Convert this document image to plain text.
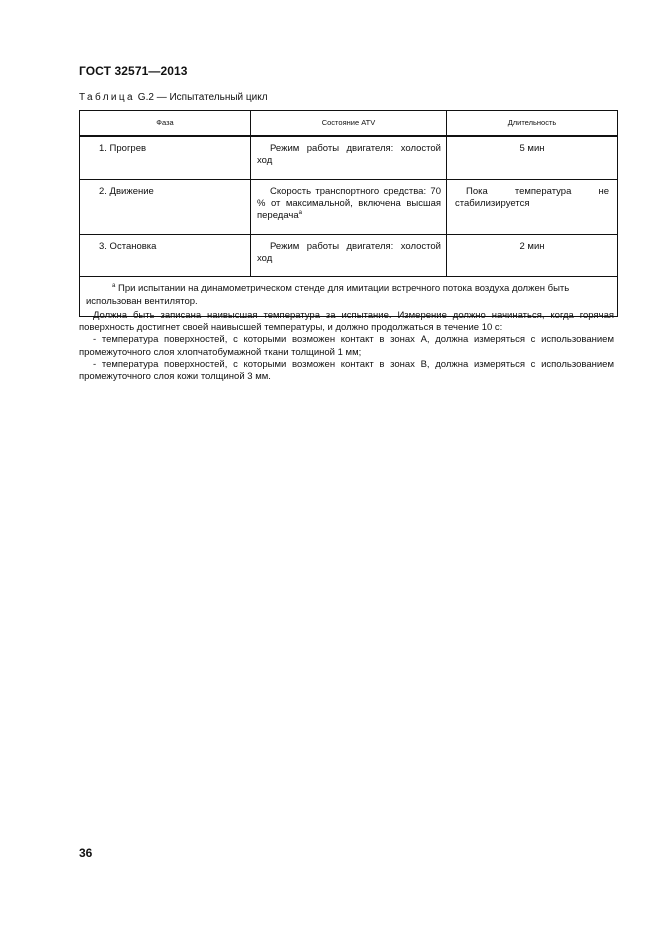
ГОСТ 32571—2013
Таблица G.2 — Испытательный цикл
Фаза	Состояние ATV	Длительность
1. Прогрев	Режим работы двигателя: холостой ход	5 мин
2. Движение	Скорость транспортного средства: 70 % от максимальной, включена высшая передача$^a$	Пока температура не стабилизируется
3. Остановка	Режим работы двигателя: холостой ход	2 мин
$^a$ При испытании на динамометрическом стенде для имитации встречного потока воздуха должен быть использован вентилятор.		

Должна быть записана наивысшая температура за испытание. Измерение должно начинаться, когда горячая поверхность достигнет своей наивысшей температуры, и должно продолжаться в течение 10 с:

- температура поверхностей, с которыми возможен контакт в зонах А, должна измеряться с использованием промежуточного слоя хлопчатобумажной ткани толщиной 1 мм;

- температура поверхностей, с которыми возможен контакт в зонах В, должна измеряться с использованием промежуточного слоя кожи толщиной 3 мм.

36
